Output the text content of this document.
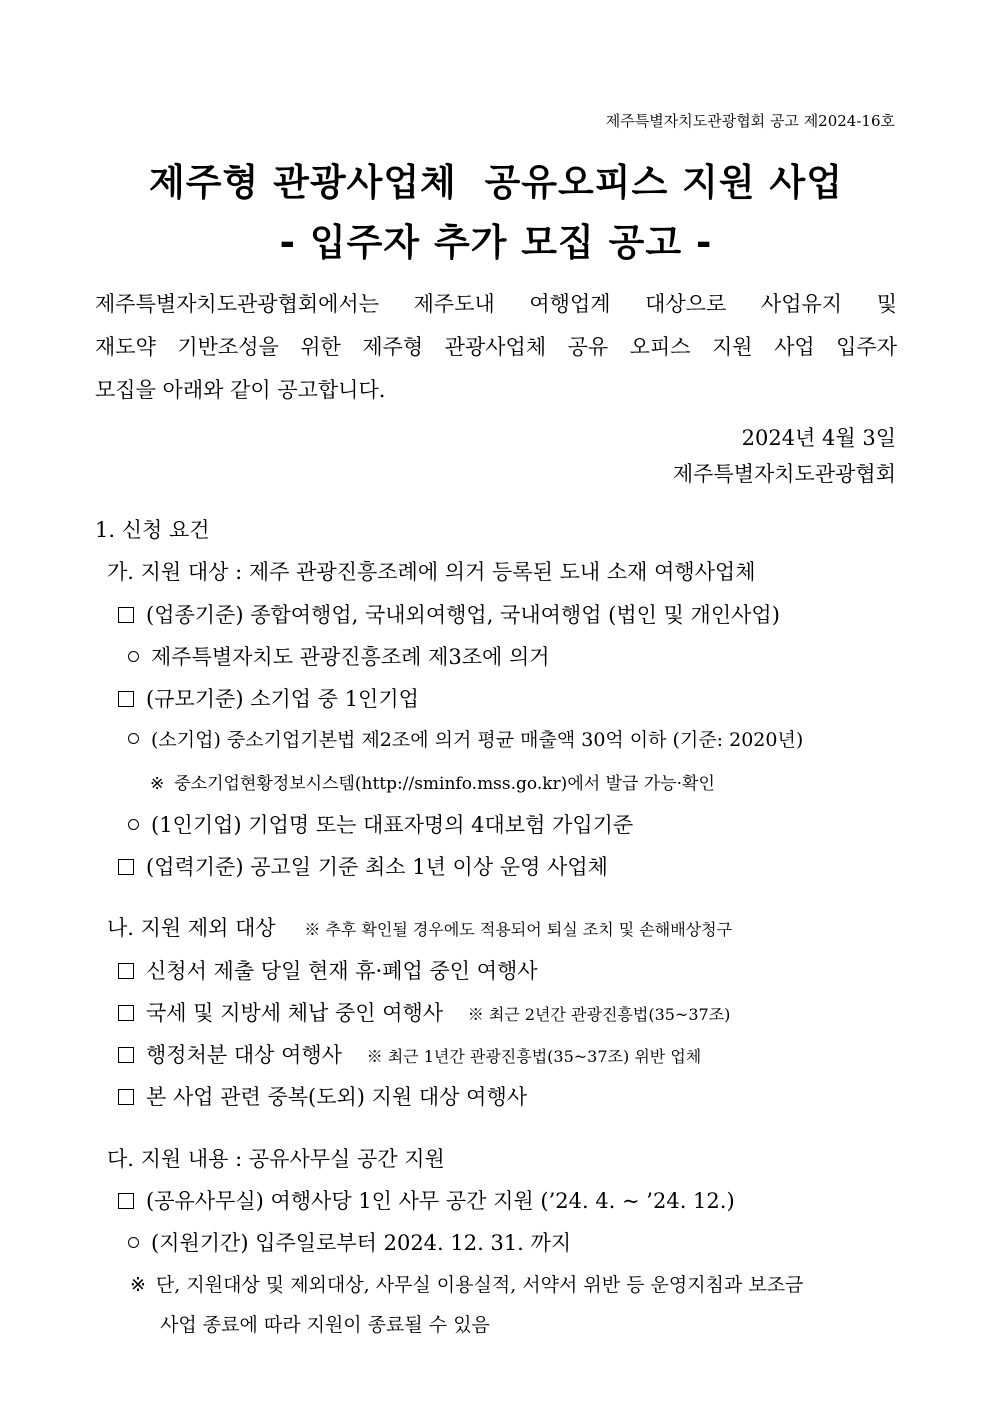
제주특별자치도관광협회 공고 제2024-16호
제주형 관광사업체  공유오피스 지원 사업
- 입주자 추가 모집 공고 -
제주특별자치도관광협회에서는 제주도내 여행업계 대상으로 사업유지 및
재도약 기반조성을 위한 제주형 관광사업체 공유 오피스 지원 사업 입주자
모집을 아래와 같이 공고합니다.
2024년 4월 3일
제주특별자치도관광협회
1. 신청 요건
가. 지원 대상 : 제주 관광진흥조례에 의거 등록된 도내 소재 여행사업체
(업종기준) 종합여행업, 국내외여행업, 국내여행업 (법인 및 개인사업)
제주특별자치도 관광진흥조례 제3조에 의거
(규모기준) 소기업 중 1인기업
(소기업) 중소기업기본법 제2조에 의거 평균 매출액 30억 이하 (기준: 2020년)
※ 중소기업현황정보시스템(http://sminfo.mss.go.kr)에서 발급 가능·확인
(1인기업) 기업명 또는 대표자명의 4대보험 가입기준
(업력기준) 공고일 기준 최소 1년 이상 운영 사업체
나. 지원 제외 대상 ※ 추후 확인될 경우에도 적용되어 퇴실 조치 및 손해배상청구
신청서 제출 당일 현재 휴·폐업 중인 여행사
국세 및 지방세 체납 중인 여행사 ※ 최근 2년간 관광진흥법(35~37조)
행정처분 대상 여행사 ※ 최근 1년간 관광진흥법(35~37조) 위반 업체
본 사업 관련 중복(도외) 지원 대상 여행사
다. 지원 내용 : 공유사무실 공간 지원
(공유사무실) 여행사당 1인 사무 공간 지원 (’24. 4. ~ ’24. 12.)
(지원기간) 입주일로부터 2024. 12. 31. 까지
※ 단, 지원대상 및 제외대상, 사무실 이용실적, 서약서 위반 등 운영지침과 보조금
사업 종료에 따라 지원이 종료될 수 있음
